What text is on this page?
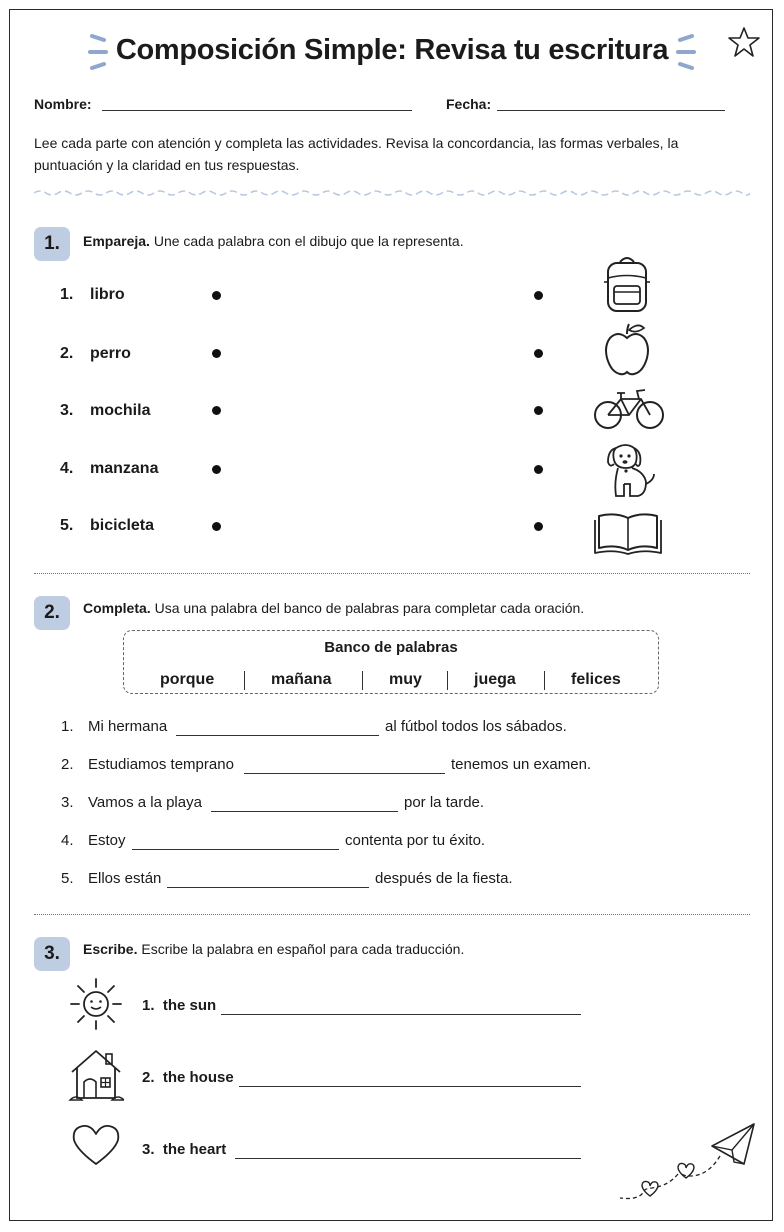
Composición Simple: Revisa tu escritura
Nombre:	Fecha:
Lee cada parte con atención y completa las actividades. Revisa la concordancia, las formas verbales, la puntuación y la claridad en tus respuestas.
1.	Empareja. Une cada palabra con el dibujo que la representa.
1. libro
2. perro
3. mochila
4. manzana
5. bicicleta
2.	Completa. Usa una palabra del banco de palabras para completar cada oración.
Banco de palabras
porque	mañana	muy	juega	felices
1. Mi hermana	al fútbol todos los sábados.
2. Estudiamos temprano	tenemos un examen.
3. Vamos a la playa	por la tarde.
4. Estoy	contenta por tu éxito.
5. Ellos están	después de la fiesta.
3.	Escribe. Escribe la palabra en español para cada traducción.
1.  the sun
2.  the house
3.  the heart
